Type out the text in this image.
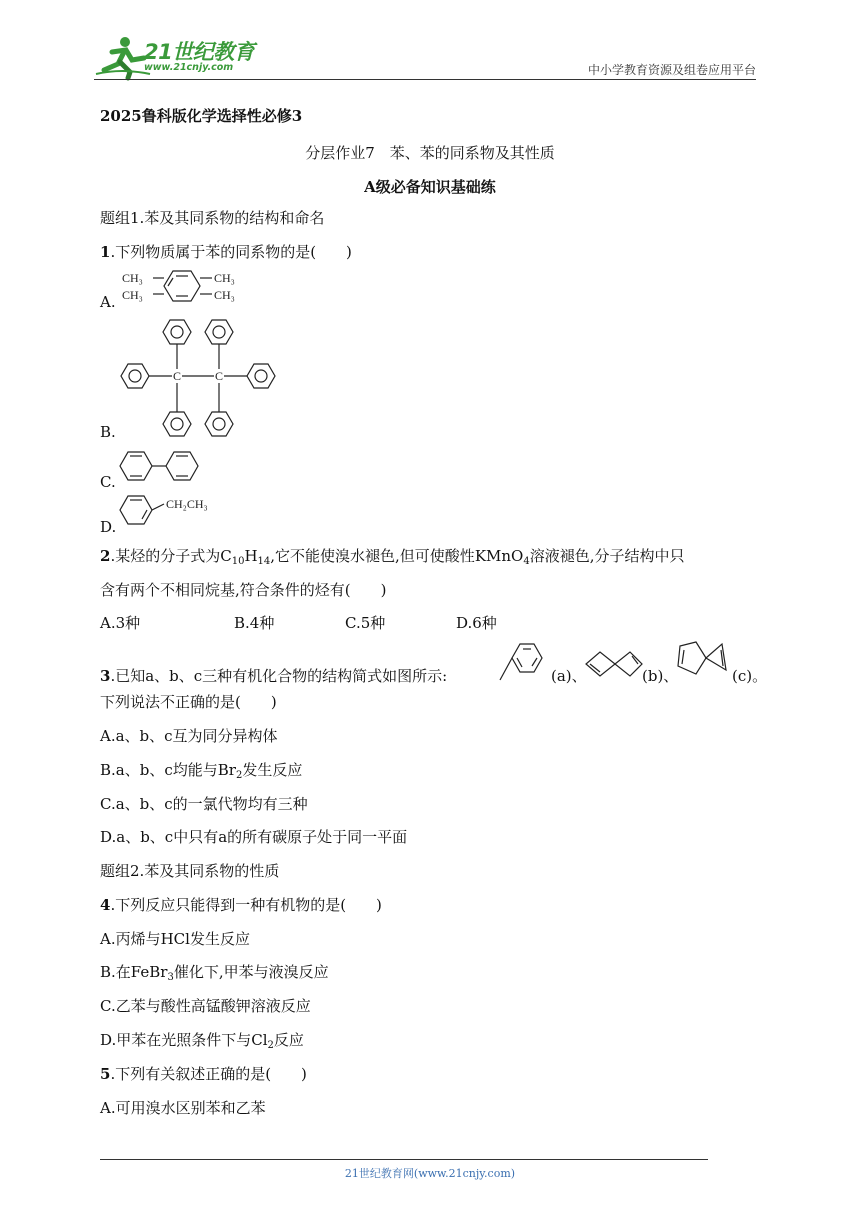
21世纪教育
www.21cnjy.com	中小学教育资源及组卷应用平台
2025鲁科版化学选择性必修3
分层作业7　苯、苯的同系物及其性质
A级必备知识基础练
题组1.苯及其同系物的结构和命名
1.下列物质属于苯的同系物的是(　　)
A.
CH₃
CH₃
CH₃
CH₃
B.
C	C
C.
D.
CH₂CH₃
2.某烃的分子式为$C_{10}H_{14}$,它不能使溴水褪色,但可使酸性KMnO$_4$溶液褪色,分子结构中只
含有两个不相同烷基,符合条件的烃有(　　)
A.3种	B.4种	C.5种	D.6种
3.已知a、b、c三种有机化合物的结构简式如图所示:	(a)、	(b)、	(c)。
下列说法不正确的是(　　)
A.a、b、c互为同分异构体
B.a、b、c均能与$Br_2$发生反应
C.a、b、c的一氯代物均有三种
D.a、b、c中只有a的所有碳原子处于同一平面
题组2.苯及其同系物的性质
4.下列反应只能得到一种有机物的是(　　)
A.丙烯与HCl发生反应
B.在FeBr$_3$催化下,甲苯与液溴反应
C.乙苯与酸性高锰酸钾溶液反应
D.甲苯在光照条件下与$Cl_2$反应
5.下列有关叙述正确的是(　　)
A.可用溴水区别苯和乙苯
21世纪教育网(www.21cnjy.com)
